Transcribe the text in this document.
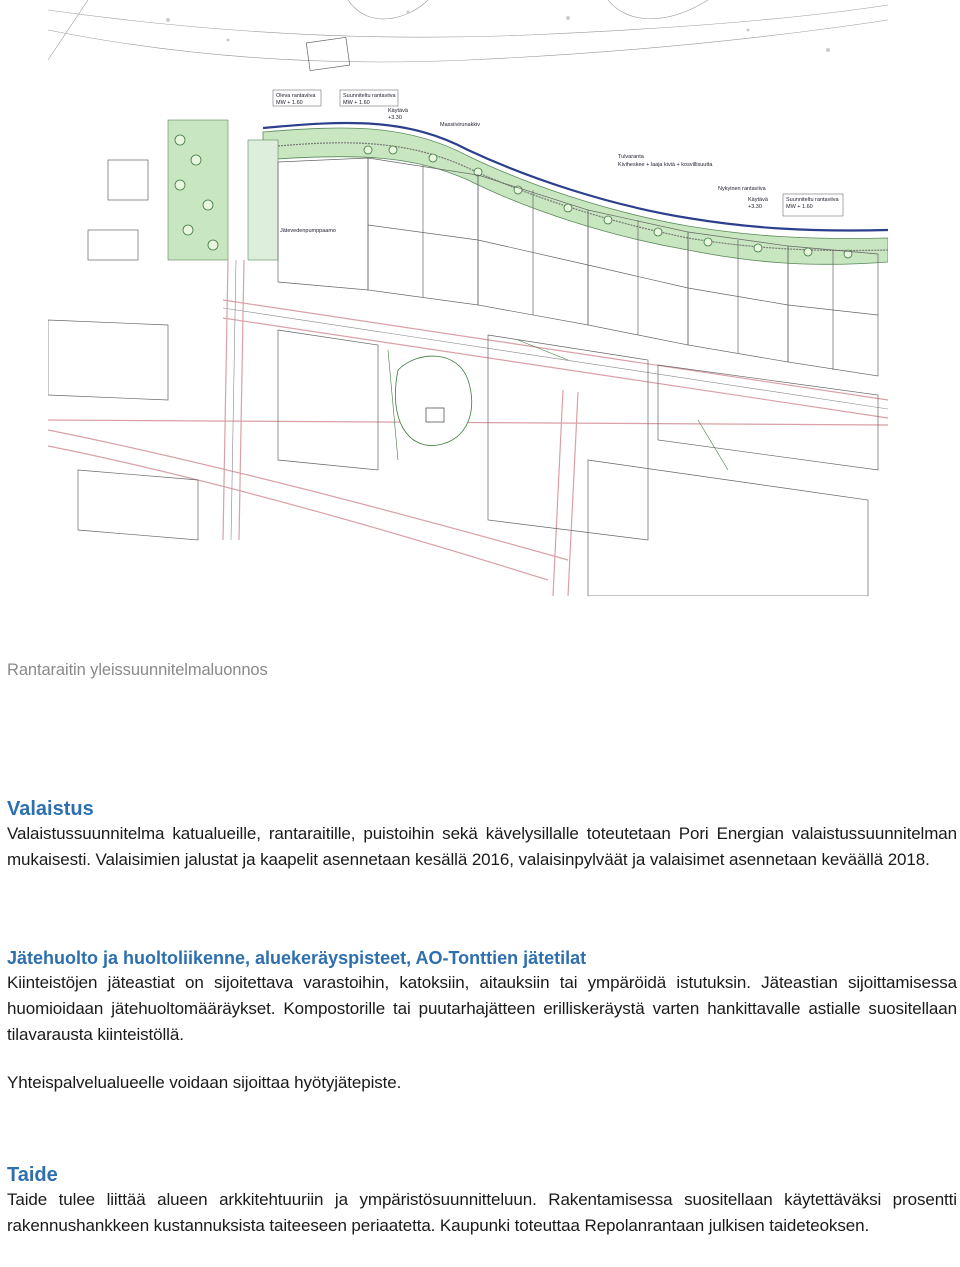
Oleva rantaviiva
MW + 1.60
Suunniteltu rantaviiva
MW + 1.60
Käytävä
+3.30
Massiivirunakkiv
Tulvaranta
Kiviheskee + laaja kivià + kosvillisuutta
Nykyinen rantaviiva
Suunniteltu rantaviiva
MW + 1.60
Käytävä
+3.30
Jätevedenpumppaamo

Rantaraitin yleissuunnitelmaluonnos

Valaistus

Valaistussuunnitelma katualueille, rantaraitille, puistoihin sekä kävelysillalle toteutetaan Pori Energian valaistussuunnitelman mukaisesti. Valaisimien jalustat ja kaapelit asennetaan kesällä 2016, valaisinpylväät ja valaisimet asennetaan keväällä 2018.

Jätehuolto ja huoltoliikenne, aluekeräyspisteet, AO-Tonttien jätetilat

Kiinteistöjen jäteastiat on sijoitettava varastoihin, katoksiin, aitauksiin tai ympäröidä istutuksin. Jäteastian sijoittamisessa huomioidaan jätehuoltomääräykset. Kompostorille tai puutarhajätteen erilliskeräystä varten hankittavalle astialle suositellaan tilavarausta kiinteistöllä.

Yhteispalvelualueelle voidaan sijoittaa hyötyjätepiste.

Taide

Taide tulee liittää alueen arkkitehtuuriin ja ympäristösuunnitteluun. Rakentamisessa suositellaan käytettäväksi prosentti rakennushankkeen kustannuksista taiteeseen periaatetta. Kaupunki toteuttaa Repolanrantaan julkisen taideteoksen.
